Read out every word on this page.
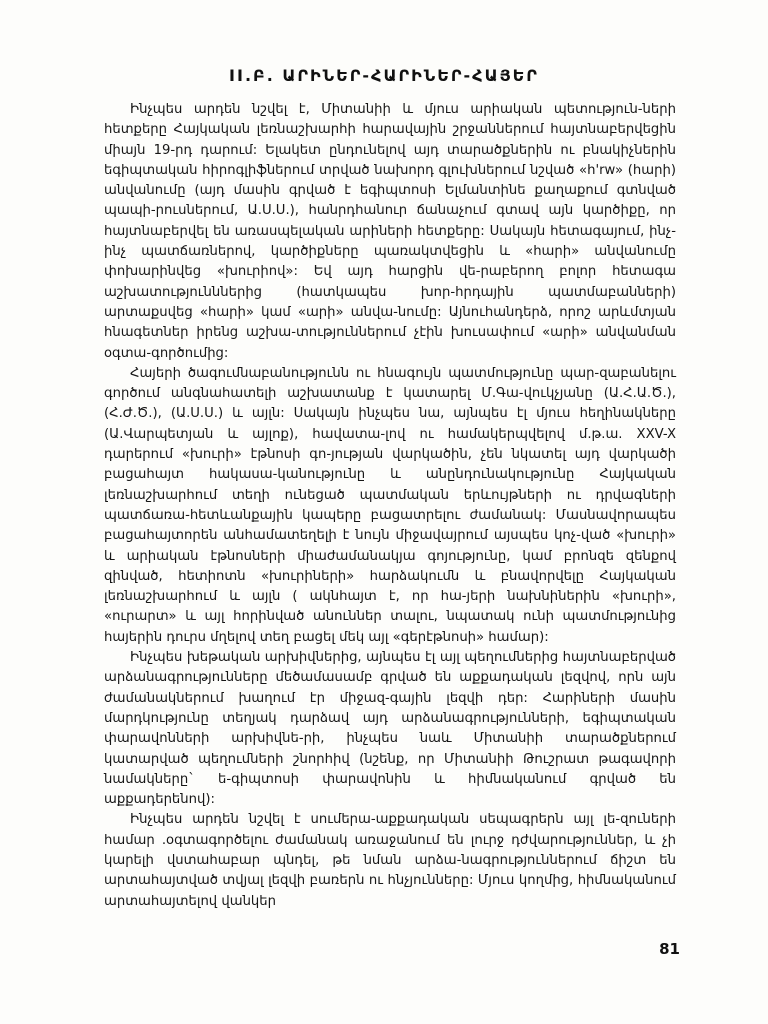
II.Բ. ԱՐԻՆԵՐ-ՀԱՐԻՆԵՐ-ՀԱՅԵՐ

Ինչպես արդեն նշվել է, Միտանիի և մյուս արիական պետություն-ների հետքերը Հայկական լեռնաշխարհի հարավային շրջաններում հայտնաբերվեցին միայն 19-րդ դարում: Ելակետ ընդունելով այդ տարածքներին ու բնակիչներին եգիպտական հիրոգլիֆներում տրված նախորդ գլուխներում նշված «h'rw» (հարի) անվանումը (այդ մասին գրված է եգիպտոսի Ելմանտինե քաղաքում գտնված պապի-րուսներում, Ա.Ս.Ս.), հանրդհանուր ճանաչում գտավ այն կարծիքը, որ հայտնաբերվել են առասպելական արիների հետքերը: Սակայն հետագայում, ինչ-ինչ պատճառներով, կարծիքները պառակտվեցին և «հարի» անվանումը փոխարինվեց «խուրիով»: Եվ այդ հարցին վե-րաբերող բոլոր հետագա աշխատությունններից (հատկապես խոր-հրդային պատմաբանների) արտաքսվեց «հարի» կամ «արի» անվա-նումը: Այնուհանդերձ, որոշ արևմտյան հնագետներ իրենց աշխա-տություններում չէին խուսափում «արի» անվանման օգտա-գործումից:

Հայերի ծագումնաբանությունն ու հնագույն պատմությունը պար-զաբանելու գործում անգնահատելի աշխատանք է կատարել Մ.Գա-վուկչյանը (Ա.Հ.Ա.Ծ.), (Հ.Ժ.Ծ.), (Ա.Ս.Ս.) և այլն: Սակայն ինչպես նա, այնպես էլ մյուս հեղինակները (Ա.Վարպետյան և այլոք), հավատա-լով ու համակերպվելով մ.թ.ա. XXV-X դարերում «խուրի» էթնոսի գո-յության վարկածին, չեն նկատել այդ վարկածի բացահայտ հակասա-կանությունը և անընդունակությունը Հայկական լեռնաշխարհում տեղի ունեցած պատմական երևույթների ու դրվագների պատճառա-հետևանքային կապերը բացատրելու ժամանակ: Մասնավորապես բացահայտորեն անհամատեղելի է նույն միջավայրում այսպես կոչ-ված «խուրի» և արիական էթնոսների միաժամանակյա գոյությունը, կամ բրոնզե զենքով զինված, հետիոտն «խուրիների» հարձակումն և բնավորվելը Հայկական լեռնաշխարհում և այլն ( ակնհայտ է, որ հա-յերի նախնիներին «խուրի», «ուրարտ» և այլ հորինված անուններ տալու, նպատակ ունի պատմությունից հայերին դուրս մղելով տեղ բացել մեկ այլ «գերէթնոսի» համար):

Ինչպես խեթական արխիվներից, այնպես էլ այլ պեղումներից հայտնաբերված արձանագրությունները մեծամասամբ գրված են աքքադական լեզվով, որն այն ժամանակներում խաղում էր միջազ-գային լեզվի դեր: Հարիների մասին մարդկությունը տեղյակ դարձավ այդ արձանագրությունների, եգիպտական փարավոնների արխիվնե-րի, ինչպես նաև Միտանիի տարածքներում կատարված պեղումների շնորհիվ (նշենք, որ Միտանիի Թուշրատ թագավորի նամակները` ե-գիպտոսի փարավոնին և հիմնականում գրված են աքքադերենով):

Ինչպես արդեն նշվել է սումերա-աքքադական սեպագրերն այլ լե-զուների համար .օգտագործելու ժամանակ առաջանում են լուրջ դժվարություններ, և չի կարելի վստահաբար պնդել, թե նման արձա-նագրություններում ճիշտ են արտահայտված տվյալ լեզվի բառերն ու հնչյունները: Մյուս կողմից, հիմնականում արտահայտելով վանկեր

81
